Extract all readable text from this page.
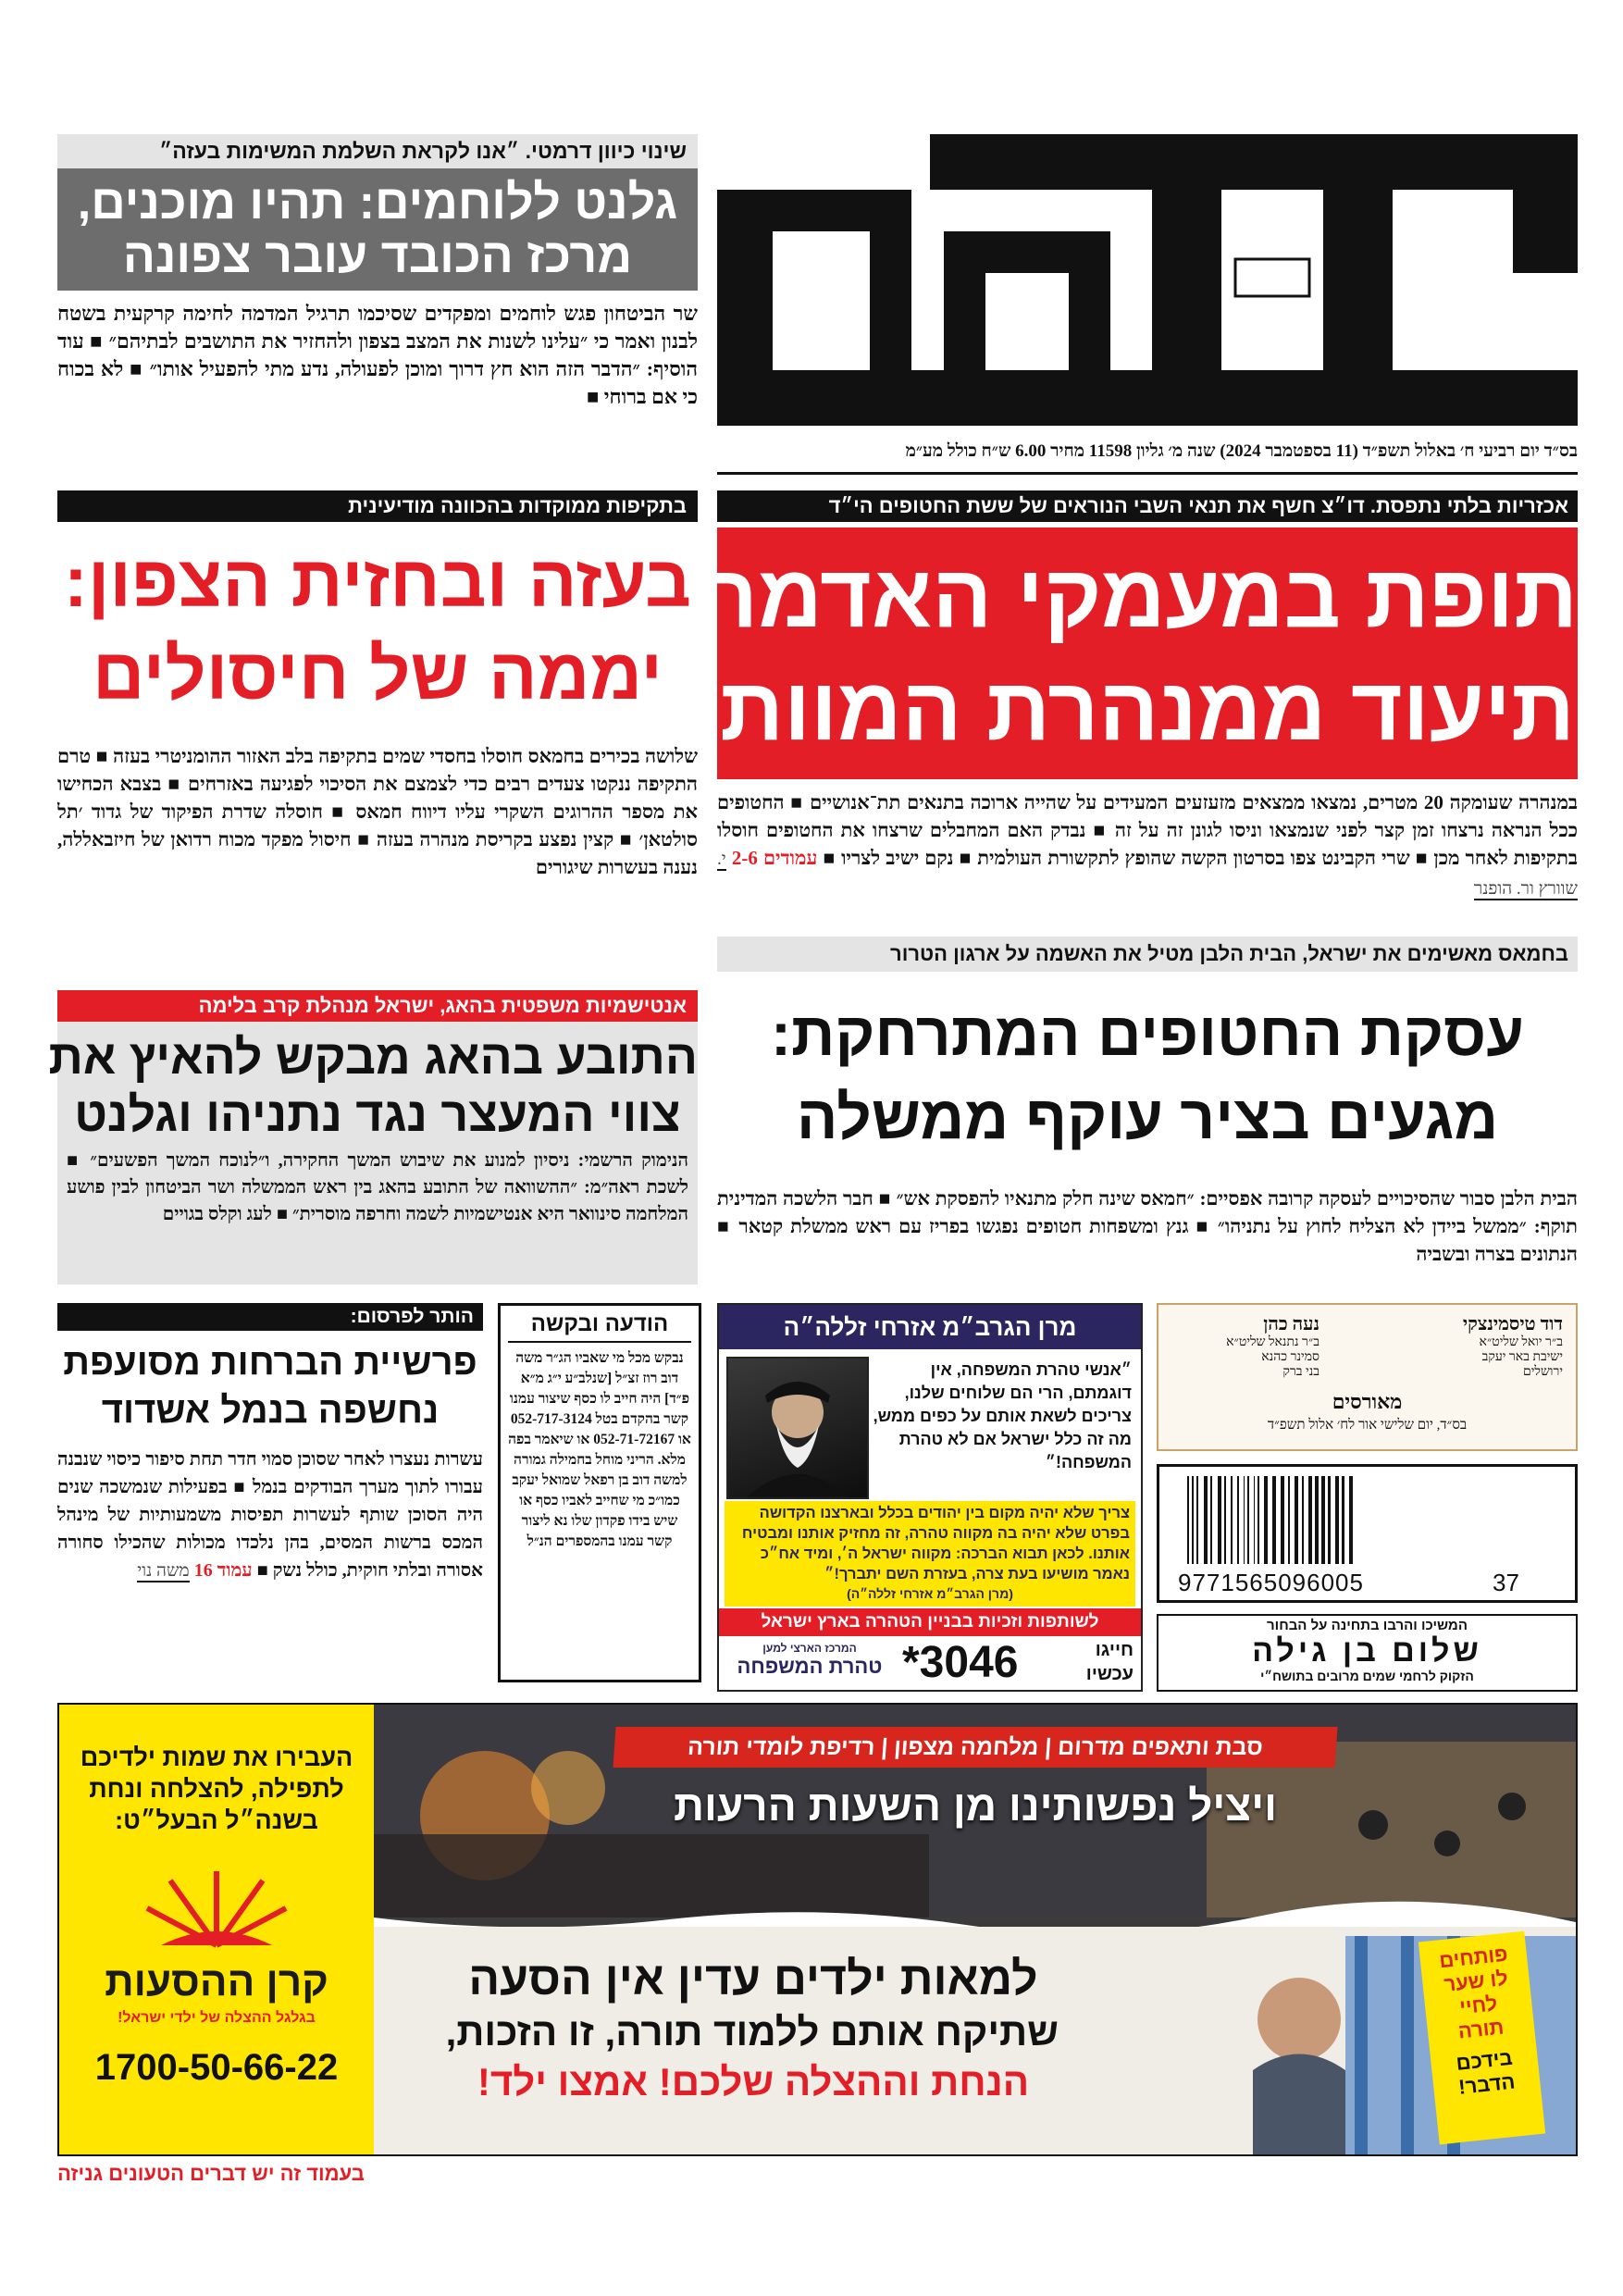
בס״ד יום רביעי ח׳ באלול תשפ״ד (11 בספטמבר 2024) שנה מ׳ גליון 11598 מחיר 6.00 ש״ח כולל מע״מ
שינוי כיוון דרמטי. ״אנו לקראת השלמת המשימות בעזה״
גלנט ללוחמים: תהיו מוכנים,
מרכז הכובד עובר צפונה
שר הביטחון פגש לוחמים ומפקדים שסיכמו תרגיל המדמה לחימה קרקעית בשטח לבנון ואמר כי ״עלינו לשנות את המצב בצפון ולהחזיר את התושבים לבתיהם״ ■ עוד הוסיף: ״הדבר הזה הוא חץ דרוך ומוכן לפעולה, נדע מתי להפעיל אותו״ ■ לא בכוח כי אם ברוחי ■
אכזריות בלתי נתפסת. דו״צ חשף את תנאי השבי הנוראים של ששת החטופים הי״ד
תופת במעמקי האדמה,
תיעוד ממנהרת המוות
במנהרה שעומקה 20 מטרים, נמצאו ממצאים מזעזעים המעידים על שהייה ארוכה בתנאים תת־אנושיים ■ החטופים ככל הנראה נרצחו זמן קצר לפני שנמצאו וניסו לגונן זה על זה ■ נבדק האם המחבלים שרצחו את החטופים חוסלו בתקיפות לאחר מכן ■ שרי הקבינט צפו בסרטון הקשה שהופץ לתקשורת העולמית ■ נקם ישיב לצריו ■ עמודים 2-6 י. שוורץ ור. הופנר
בתקיפות ממוקדות בהכוונה מודיעינית
בעזה ובחזית הצפון:
יממה של חיסולים
שלושה בכירים בחמאס חוסלו בחסדי שמים בתקיפה בלב האזור ההומניטרי בעזה ■ טרם התקיפה ננקטו צעדים רבים כדי לצמצם את הסיכוי לפגיעה באזרחים ■ בצבא הכחישו את מספר ההרוגים השקרי עליו דיווח חמאס ■ חוסלה שדרת הפיקוד של גדוד ׳תל סולטאן׳ ■ קצין נפצע בקריסת מנהרה בעזה ■ חיסול מפקד מכוח רדואן של חיזבאללה, נענה בעשרות שיגורים
בחמאס מאשימים את ישראל, הבית הלבן מטיל את האשמה על ארגון הטרור
עסקת החטופים המתרחקת:
מגעים בציר עוקף ממשלה
הבית הלבן סבור שהסיכויים לעסקה קרובה אפסיים: ״חמאס שינה חלק מתנאיו להפסקת אש״ ■ חבר הלשכה המדינית תוקף: ״ממשל ביידן לא הצליח לחוץ על נתניהו״ ■ גנץ ומשפחות חטופים נפגשו בפריז עם ראש ממשלת קטאר ■ הנתונים בצרה ובשביה
אנטישמיות משפטית בהאג, ישראל מנהלת קרב בלימה
התובע בהאג מבקש להאיץ את
צווי המעצר נגד נתניהו וגלנט
הנימוק הרשמי: ניסיון למנוע את שיבוש המשך החקירה, ו״לנוכח המשך הפשעים״ ■ לשכת ראה״מ: ״ההשוואה של התובע בהאג בין ראש הממשלה ושר הביטחון לבין פושע המלחמה סינוואר היא אנטישמיות לשמה וחרפה מוסרית״ ■ לעג וקלס בגויים
הותר לפרסום:
פרשיית הברחות מסועפת
נחשפה בנמל אשדוד
עשרות נעצרו לאחר שסוכן סמוי חדר תחת סיפור כיסוי שנבנה עבורו לתוך מערך הבודקים בנמל ■ בפעילות שנמשכה שנים היה הסוכן שותף לעשרות תפיסות משמעותיות של מינהל המכס ברשות המסים, בהן נלכדו מכולות שהכילו סחורה אסורה ובלתי חוקית, כולל נשק ■ עמוד 16 משה נוי
הודעה ובקשה
נבקש מכל מי שאביו הג״ר משה דוב רוז זצ״ל [שנלב״ע י״ג מ״א פ״ד] היה חייב לו כסף שיצור עמנו קשר בהקדם בטל 052-717-3124 או 052-71-72167 או שיאמר בפה מלא. הריני מוחל בחמילה גמורה למשה דוב בן רפאל שמואל יעקב כמו״כ מי שחייב לאביו כסף או שיש בידו פקדון שלו נא ליצור קשר עמנו בהמספרים הנ״ל
מרן הגרב״מ אזרחי זללה״ה
״אנשי טהרת המשפחה, אין דוגמתם, הרי הם שלוחים שלנו, צריכים לשאת אותם על כפים ממש, מה זה כלל ישראל אם לא טהרת המשפחה!״
צריך שלא יהיה מקום בין יהודים בכלל ובארצנו הקדושה בפרט שלא יהיה בה מקווה טהרה, זה מחזיק אותנו ומבטיח אותנו. לכאן תבוא הברכה: מקווה ישראל ה׳, ומיד אח״כ נאמר מושיעו בעת צרה, בעזרת השם יתברך!״
(מרן הגרב״מ אזרחי זללה״ה)
לשותפות וזכיות בבניין הטהרה בארץ ישראל
חייגו
עכשיו
*3046
המרכז הארצי למען
טהרת המשפחה
דוד טיסמינצקי
ב״ר יואל שליט״א
ישיבת באר יעקב
ירושלים
נעה כהן
ב״ר נתנאל שליט״א
סמינר כהנא
בני ברק
מאורסים
בס״ד, יום שלישי אור לח׳ אלול תשפ״ד
9771565096005	37
המשיכו והרבו בתחינה על הבחור
שלום בן גילה
הזקוק לרחמי שמים מרובים בתושח״י
העבירו את שמות ילדיכם לתפילה, להצלחה ונחת בשנה״ל הבעל״ט:
קרן ההסעות
בגלגל ההצלה של ילדי ישראל!
1700-50-66-22
סבת ותאפים מדרום | מלחמה מצפון | רדיפת לומדי תורה
ויציל נפשותינו מן השעות הרעות
למאות ילדים עדין אין הסעה
שתיקח אותם ללמוד תורה, זו הזכות,
הנחת וההצלה שלכם! אמצו ילד!
פותחים
לו שער
לחיי
תורה
בידכם
הדבר!
בעמוד זה יש דברים הטעונים גניזה
